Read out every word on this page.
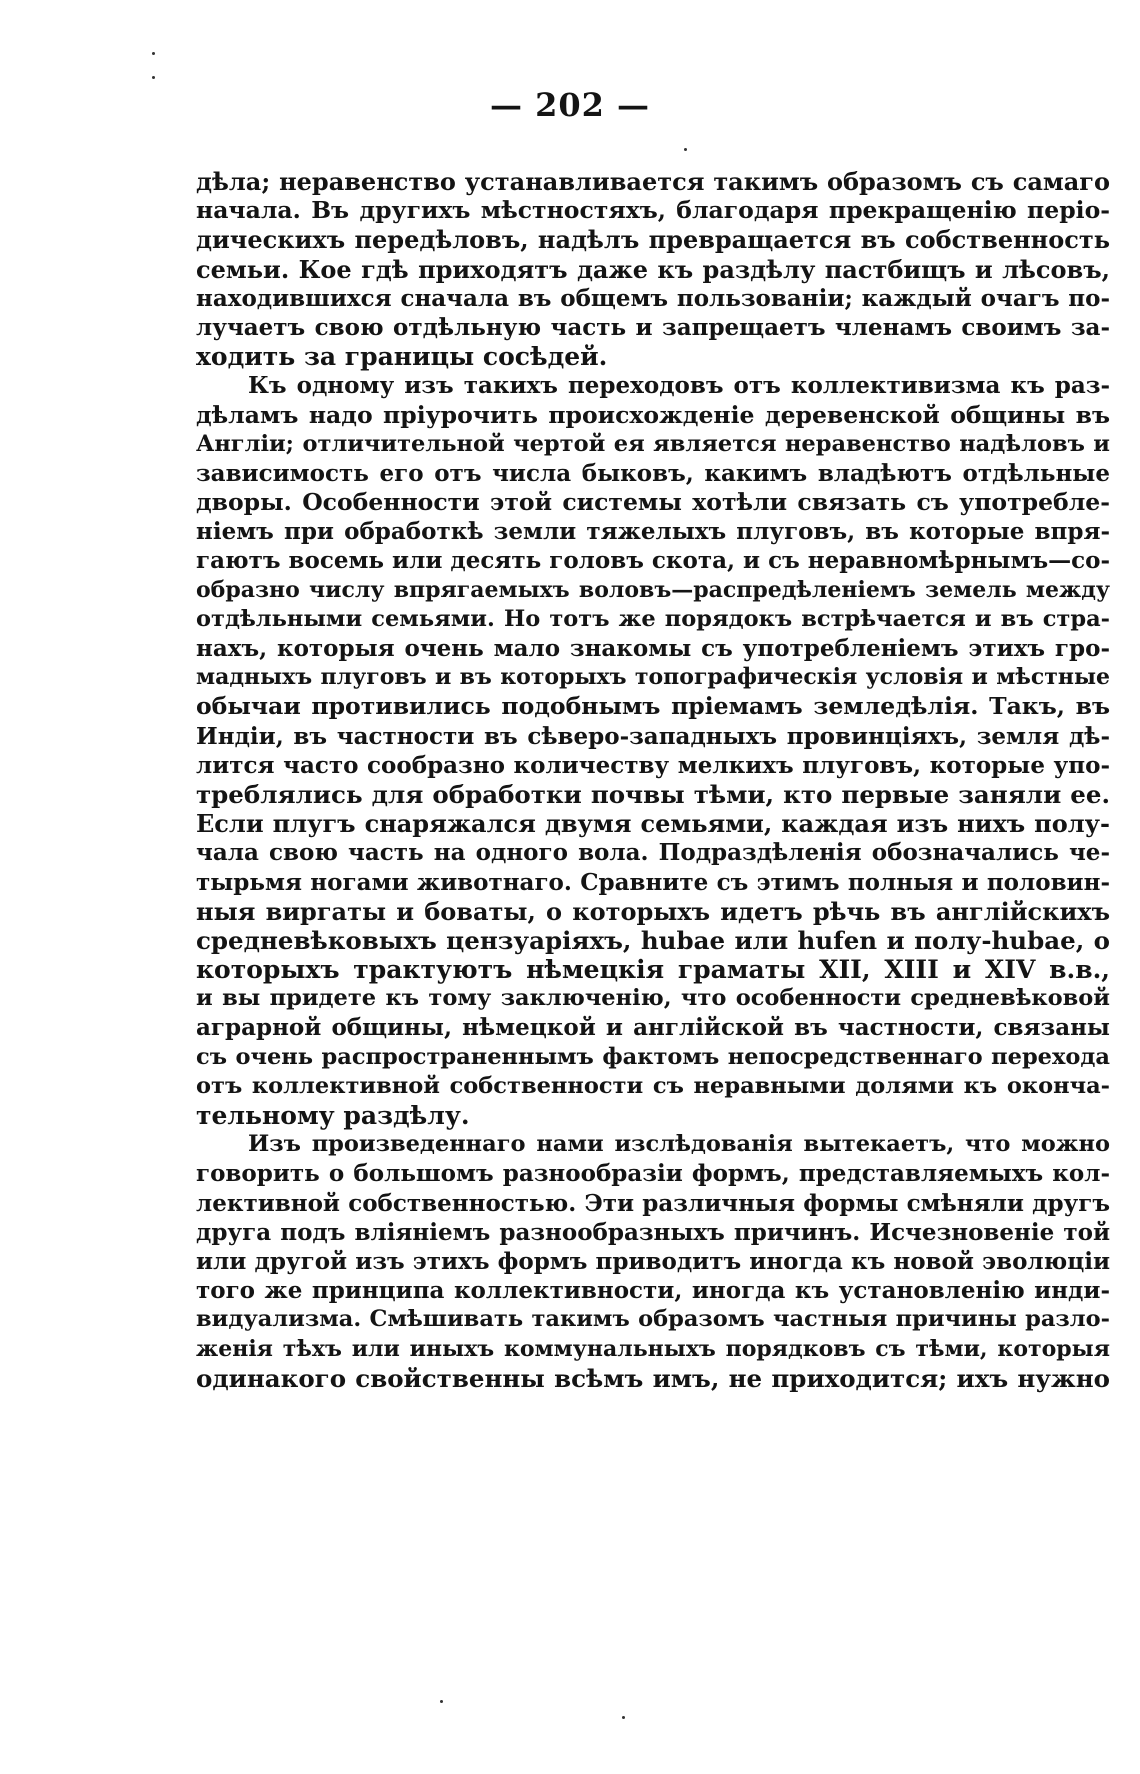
— 202 —
дѣла; неравенство устанавливается такимъ образомъ съ самаго
начала. Въ другихъ мѣстностяхъ, благодаря прекращенію періо-
дическихъ передѣловъ, надѣлъ превращается въ собственность
семьи. Кое гдѣ приходятъ даже къ раздѣлу пастбищъ и лѣсовъ,
находившихся сначала въ общемъ пользованіи; каждый очагъ по-
лучаетъ свою отдѣльную часть и запрещаетъ членамъ своимъ за-
ходить за границы сосѣдей.
Къ одному изъ такихъ переходовъ отъ коллективизма къ раз-
дѣламъ надо пріурочить происхожденіе деревенской общины въ
Англіи; отличительной чертой ея является неравенство надѣловъ и
зависимость его отъ числа быковъ, какимъ владѣютъ отдѣльные
дворы. Особенности этой системы хотѣли связать съ употребле-
ніемъ при обработкѣ земли тяжелыхъ плуговъ, въ которые впря-
гаютъ восемь или десять головъ скота, и съ неравномѣрнымъ—со-
образно числу впрягаемыхъ воловъ—распредѣленіемъ земель между
отдѣльными семьями. Но тотъ же порядокъ встрѣчается и въ стра-
нахъ, которыя очень мало знакомы съ употребленіемъ этихъ гро-
мадныхъ плуговъ и въ которыхъ топографическія условія и мѣстные
обычаи противились подобнымъ пріемамъ земледѣлія. Такъ, въ
Индіи, въ частности въ сѣверо-западныхъ провинціяхъ, земля дѣ-
лится часто сообразно количеству мелкихъ плуговъ, которые упо-
треблялись для обработки почвы тѣми, кто первые заняли ее.
Если плугъ снаряжался двумя семьями, каждая изъ нихъ полу-
чала свою часть на одного вола. Подраздѣленія обозначались че-
тырьмя ногами животнаго. Сравните съ этимъ полныя и половин-
ныя виргаты и боваты, о которыхъ идетъ рѣчь въ англійскихъ
средневѣковыхъ цензуаріяхъ, hubae или hufen и полу-hubae, о
которыхъ трактуютъ нѣмецкія граматы XII, XIII и XIV в.в.,
и вы придете къ тому заключенію, что особенности средневѣковой
аграрной общины, нѣмецкой и англійской въ частности, связаны
съ очень распространеннымъ фактомъ непосредственнаго перехода
отъ коллективной собственности съ неравными долями къ оконча-
тельному раздѣлу.
Изъ произведеннаго нами изслѣдованія вытекаетъ, что можно
говорить о большомъ разнообразіи формъ, представляемыхъ кол-
лективной собственностью. Эти различныя формы смѣняли другъ
друга подъ вліяніемъ разнообразныхъ причинъ. Исчезновеніе той
или другой изъ этихъ формъ приводитъ иногда къ новой эволюціи
того же принципа коллективности, иногда къ установленію инди-
видуализма. Смѣшивать такимъ образомъ частныя причины разло-
женія тѣхъ или иныхъ коммунальныхъ порядковъ съ тѣми, которыя
одинакого свойственны всѣмъ имъ, не приходится; ихъ нужно
